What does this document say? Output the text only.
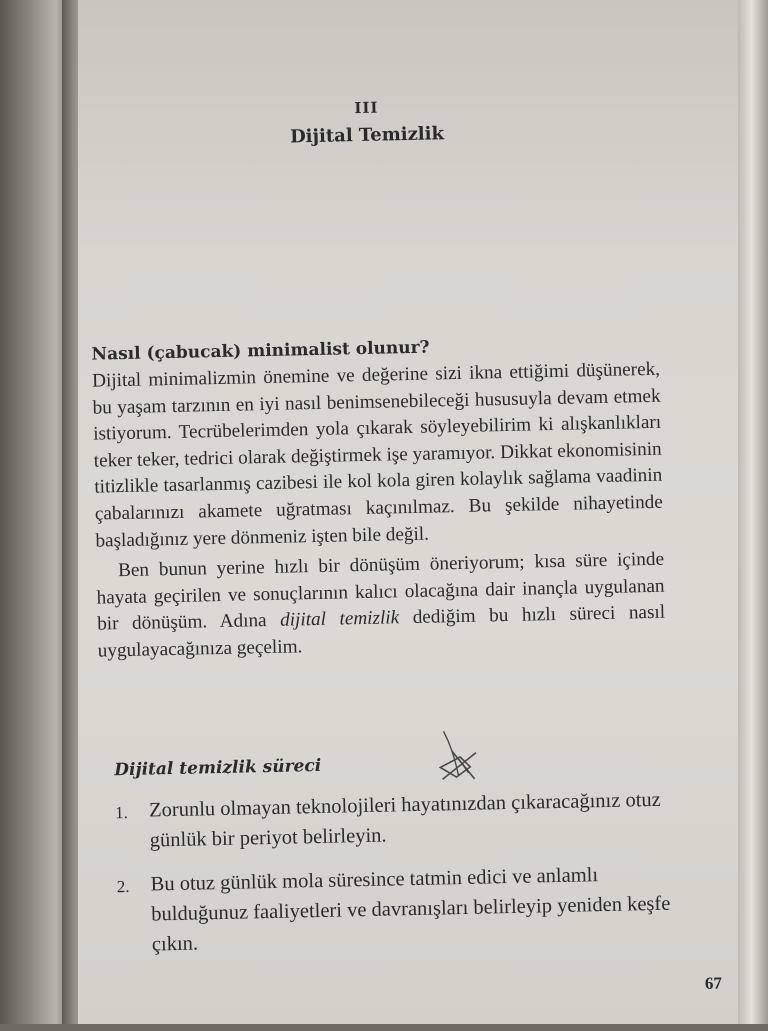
III
Dijital Temizlik
Nasıl (çabucak) minimalist olunur?

Dijital minimalizmin önemine ve değerine sizi ikna ettiğimi düşünerek, bu yaşam tarzının en iyi nasıl benimsenebileceği hususuyla devam etmek istiyorum. Tecrübelerimden yola çıkarak söyleyebilirim ki alışkanlıkları teker teker, tedrici olarak değiştirmek işe yaramıyor. Dikkat ekonomisinin titizlikle tasarlanmış cazibesi ile kol kola giren kolaylık sağlama vaadinin çabalarınızı akamete uğratması kaçınılmaz. Bu şekilde nihayetinde başladığınız yere dönmeniz işten bile değil.

Ben bunun yerine hızlı bir dönüşüm öneriyorum; kısa süre içinde hayata geçirilen ve sonuçlarının kalıcı olacağına dair inançla uygulanan bir dönüşüm. Adına dijital temizlik dediğim bu hızlı süreci nasıl uygulayacağınıza geçelim.

Dijital temizlik süreci
1.	Zorunlu olmayan teknolojileri hayatınızdan çıkaracağınız otuz günlük bir periyot belirleyin.
2.	Bu otuz günlük mola süresince tatmin edici ve anlamlı bulduğunuz faaliyetleri ve davranışları belirleyip yeniden keşfe çıkın.
67
